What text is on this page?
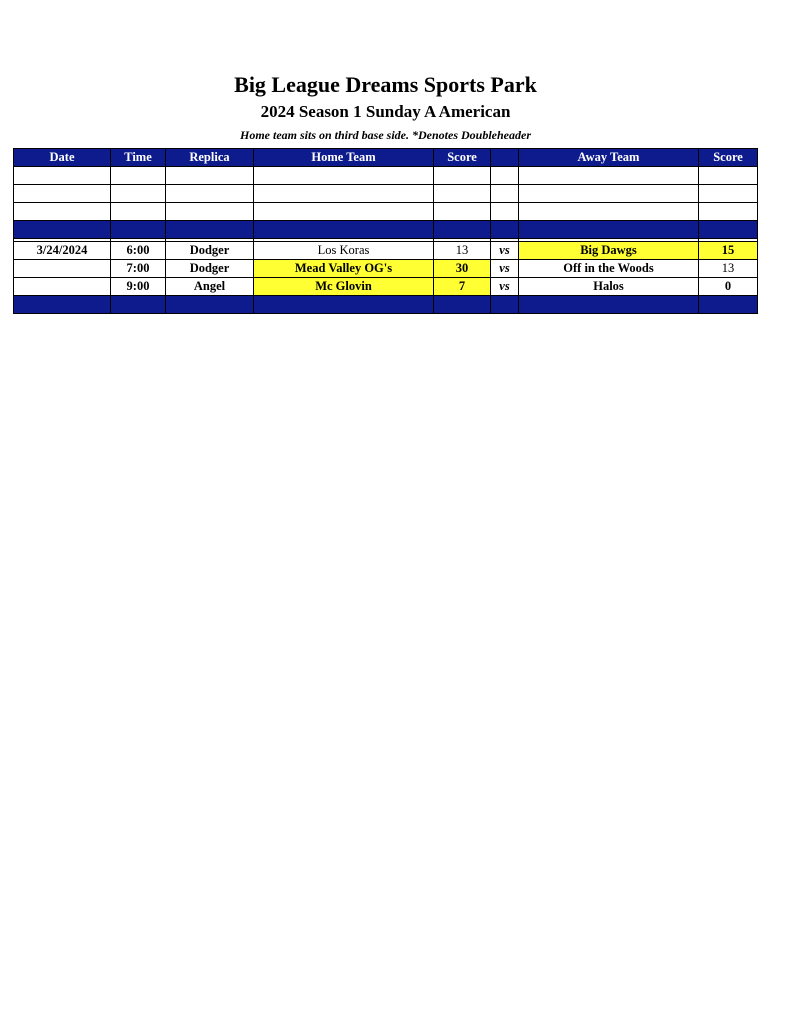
Big League Dreams Sports Park
2024 Season 1 Sunday A American
Home team sits on third base side. *Denotes Doubleheader
Date	Time	Replica	Home Team	Score		Away Team	Score

3/24/2024	6:00	Dodger	Los Koras	13	vs	Big Dawgs	15
	7:00	Dodger	Mead Valley OG's	30	vs	Off in the Woods	13
	9:00	Angel	Mc Glovin	7	vs	Halos	0
